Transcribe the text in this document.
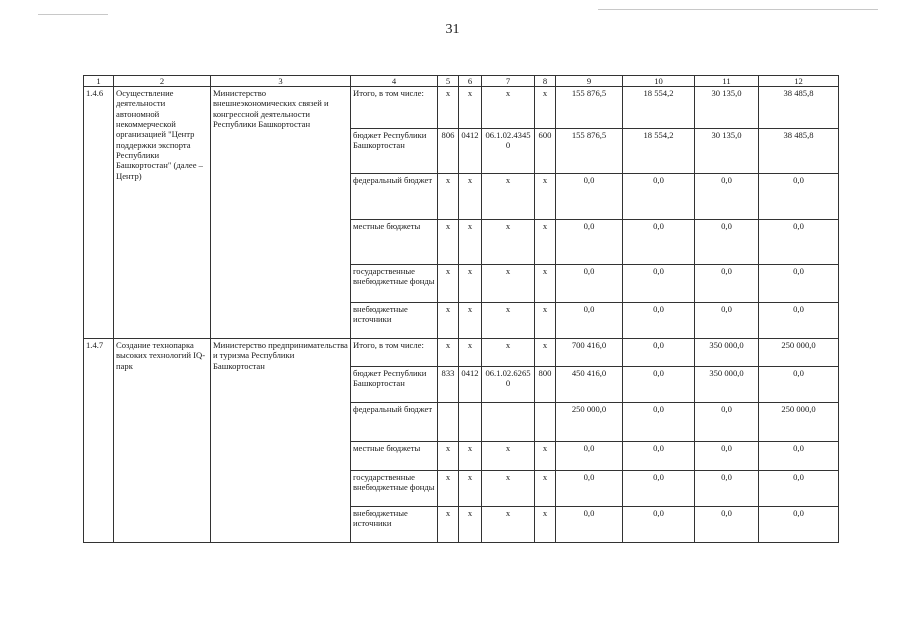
31
1	2	3	4	5	6	7	8	9	10	11	12
1.4.6	Осуществление деятельности автономной некоммерческой организацией "Центр поддержки экспорта Республики Башкортостан" (далее – Центр)	Министерство внешнеэкономических связей и конгрессной деятельности Республики Башкортостан	Итого, в том числе:	x	x	x	x	155 876,5	18 554,2	30 135,0	38 485,8
			бюджет Республики Башкортостан	806	0412	06.1.02.43450	600	155 876,5	18 554,2	30 135,0	38 485,8
			федеральный бюджет	x	x	x	x	0,0	0,0	0,0	0,0
			местные бюджеты	x	x	x	x	0,0	0,0	0,0	0,0
			государственные внебюджетные фонды	x	x	x	x	0,0	0,0	0,0	0,0
			внебюджетные источники	x	x	x	x	0,0	0,0	0,0	0,0
1.4.7	Создание технопарка высоких технологий IQ-парк	Министерство предпринимательства и туризма Республики Башкортостан	Итого, в том числе:	x	x	x	x	700 416,0	0,0	350 000,0	250 000,0
			бюджет Республики Башкортостан	833	0412	06.1.02.62650	800	450 416,0	0,0	350 000,0	0,0
			федеральный бюджет					250 000,0	0,0	0,0	250 000,0
			местные бюджеты	x	x	x	x	0,0	0,0	0,0	0,0
			государственные внебюджетные фонды	x	x	x	x	0,0	0,0	0,0	0,0
			внебюджетные источники	x	x	x	x	0,0	0,0	0,0	0,0
